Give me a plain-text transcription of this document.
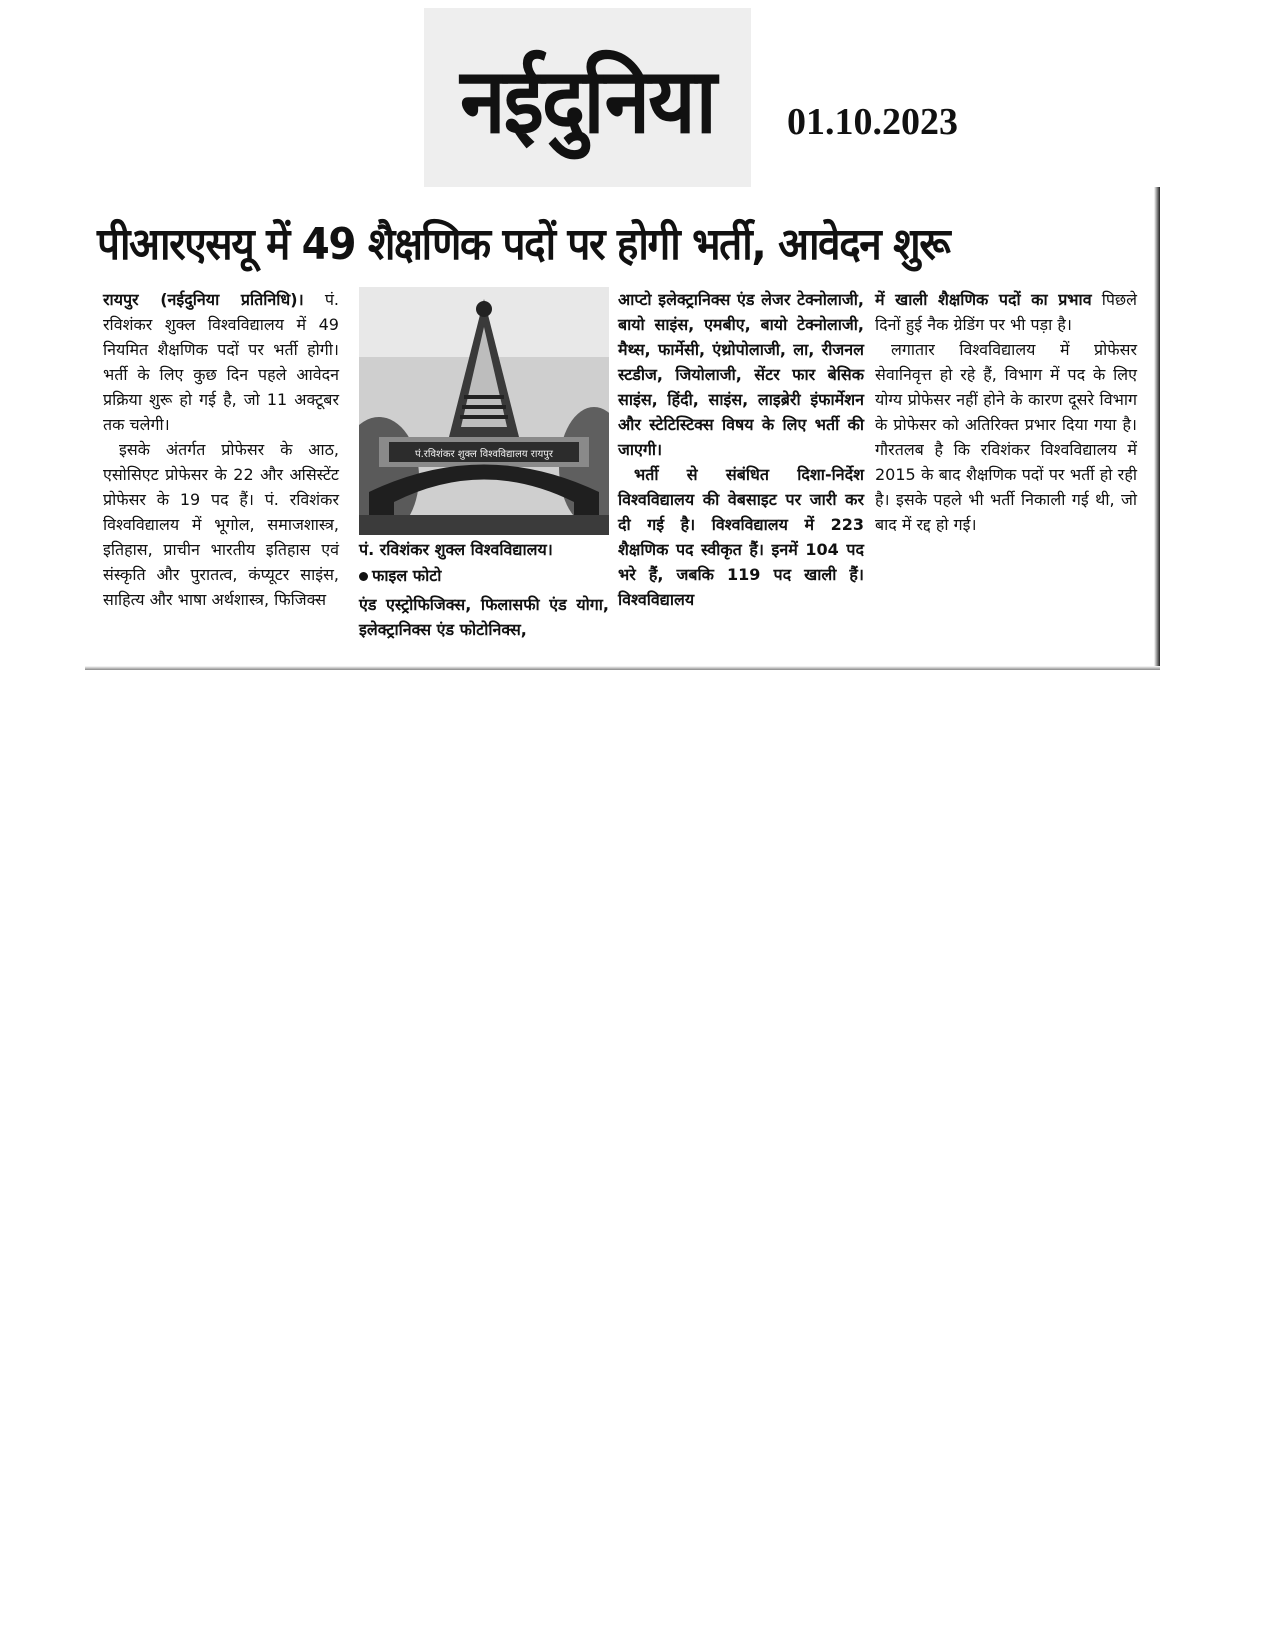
नईदुनिया 01.10.2023
पीआरएसयू में 49 शैक्षणिक पदों पर होगी भर्ती, आवेदन शुरू

रायपुर (नईदुनिया प्रतिनिधि)। पं. रविशंकर शुक्ल विश्वविद्यालय में 49 नियमित शैक्षणिक पदों पर भर्ती होगी। भर्ती के लिए कुछ दिन पहले आवेदन प्रक्रिया शुरू हो गई है, जो 11 अक्टूबर तक चलेगी।

इसके अंतर्गत प्रोफेसर के आठ, एसोसिएट प्रोफेसर के 22 और असिस्टेंट प्रोफेसर के 19 पद हैं। पं. रविशंकर विश्वविद्यालय में भूगोल, समाजशास्त्र, इतिहास, प्राचीन भारतीय इतिहास एवं संस्कृति और पुरातत्व, कंप्यूटर साइंस, साहित्य और भाषा अर्थशास्त्र, फिजिक्स

पं.रविशंकर शुक्ल विश्वविद्यालय रायपुर
पं. रविशंकर शुक्ल विश्वविद्यालय।
फाइल फोटो

एंड एस्ट्रोफिजिक्स, फिलासफी एंड योगा, इलेक्ट्रानिक्स एंड फोटोनिक्स,

आप्टो इलेक्ट्रानिक्स एंड लेजर टेक्नोलाजी, बायो साइंस, एमबीए, बायो टेक्नोलाजी, मैथ्स, फार्मेसी, एंथ्रोपोलाजी, ला, रीजनल स्टडीज, जियोलाजी, सेंटर फार बेसिक साइंस, हिंदी, साइंस, लाइब्रेरी इंफार्मेशन और स्टेटिस्टिक्स विषय के लिए भर्ती की जाएगी।

भर्ती से संबंधित दिशा-निर्देश विश्वविद्यालय की वेबसाइट पर जारी कर दी गई है। विश्वविद्यालय में 223 शैक्षणिक पद स्वीकृत हैं। इनमें 104 पद भरे हैं, जबकि 119 पद खाली हैं। विश्वविद्यालय

में खाली शैक्षणिक पदों का प्रभाव पिछले दिनों हुई नैक ग्रेडिंग पर भी पड़ा है।

लगातार विश्वविद्यालय में प्रोफेसर सेवानिवृत्त हो रहे हैं, विभाग में पद के लिए योग्य प्रोफेसर नहीं होने के कारण दूसरे विभाग के प्रोफेसर को अतिरिक्त प्रभार दिया गया है। गौरतलब है कि रविशंकर विश्वविद्यालय में 2015 के बाद शैक्षणिक पदों पर भर्ती हो रही है। इसके पहले भी भर्ती निकाली गई थी, जो बाद में रद्द हो गई।
